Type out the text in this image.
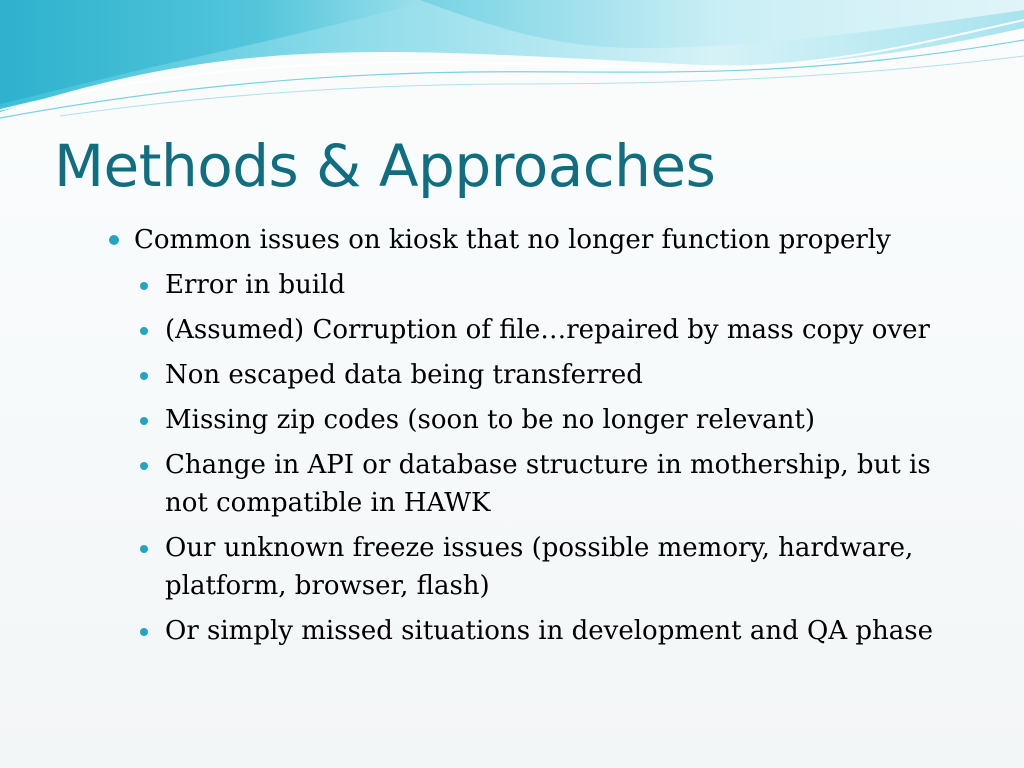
Methods & Approaches
Common issues on kiosk that no longer function properly
Error in build
(Assumed) Corruption of file…repaired by mass copy over
Non escaped data being transferred
Missing zip codes (soon to be no longer relevant)
Change in API or database structure in mothership, but is
not compatible in HAWK
Our unknown freeze issues (possible memory, hardware,
platform, browser, flash)
Or simply missed situations in development and QA phase
